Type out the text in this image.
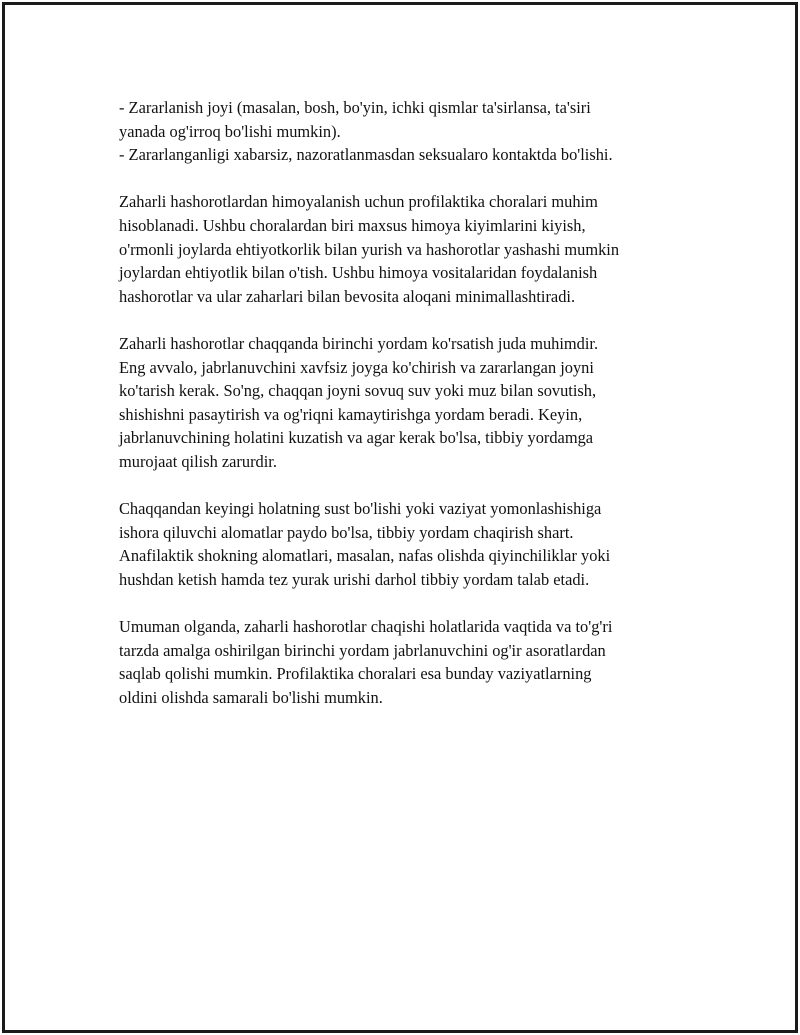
- Zararlanish joyi (masalan, bosh, bo'yin, ichki qismlar ta'sirlansa, ta'siri
yanada og'irroq bo'lishi mumkin).
- Zararlanganligi xabarsiz, nazoratlanmasdan seksualaro kontaktda bo'lishi.

Zaharli hashorotlardan himoyalanish uchun profilaktika choralari muhim
hisoblanadi. Ushbu choralardan biri maxsus himoya kiyimlarini kiyish,
o'rmonli joylarda ehtiyotkorlik bilan yurish va hashorotlar yashashi mumkin
joylardan ehtiyotlik bilan o'tish. Ushbu himoya vositalaridan foydalanish
hashorotlar va ular zaharlari bilan bevosita aloqani minimallashtiradi.

Zaharli hashorotlar chaqqanda birinchi yordam ko'rsatish juda muhimdir.
Eng avvalo, jabrlanuvchini xavfsiz joyga ko'chirish va zararlangan joyni
ko'tarish kerak. So'ng, chaqqan joyni sovuq suv yoki muz bilan sovutish,
shishishni pasaytirish va og'riqni kamaytirishga yordam beradi. Keyin,
jabrlanuvchining holatini kuzatish va agar kerak bo'lsa, tibbiy yordamga
murojaat qilish zarurdir.

Chaqqandan keyingi holatning sust bo'lishi yoki vaziyat yomonlashishiga
ishora qiluvchi alomatlar paydo bo'lsa, tibbiy yordam chaqirish shart.
Anafilaktik shokning alomatlari, masalan, nafas olishda qiyinchiliklar yoki
hushdan ketish hamda tez yurak urishi darhol tibbiy yordam talab etadi.

Umuman olganda, zaharli hashorotlar chaqishi holatlarida vaqtida va to'g'ri
tarzda amalga oshirilgan birinchi yordam jabrlanuvchini og'ir asoratlardan
saqlab qolishi mumkin. Profilaktika choralari esa bunday vaziyatlarning
oldini olishda samarali bo'lishi mumkin.
